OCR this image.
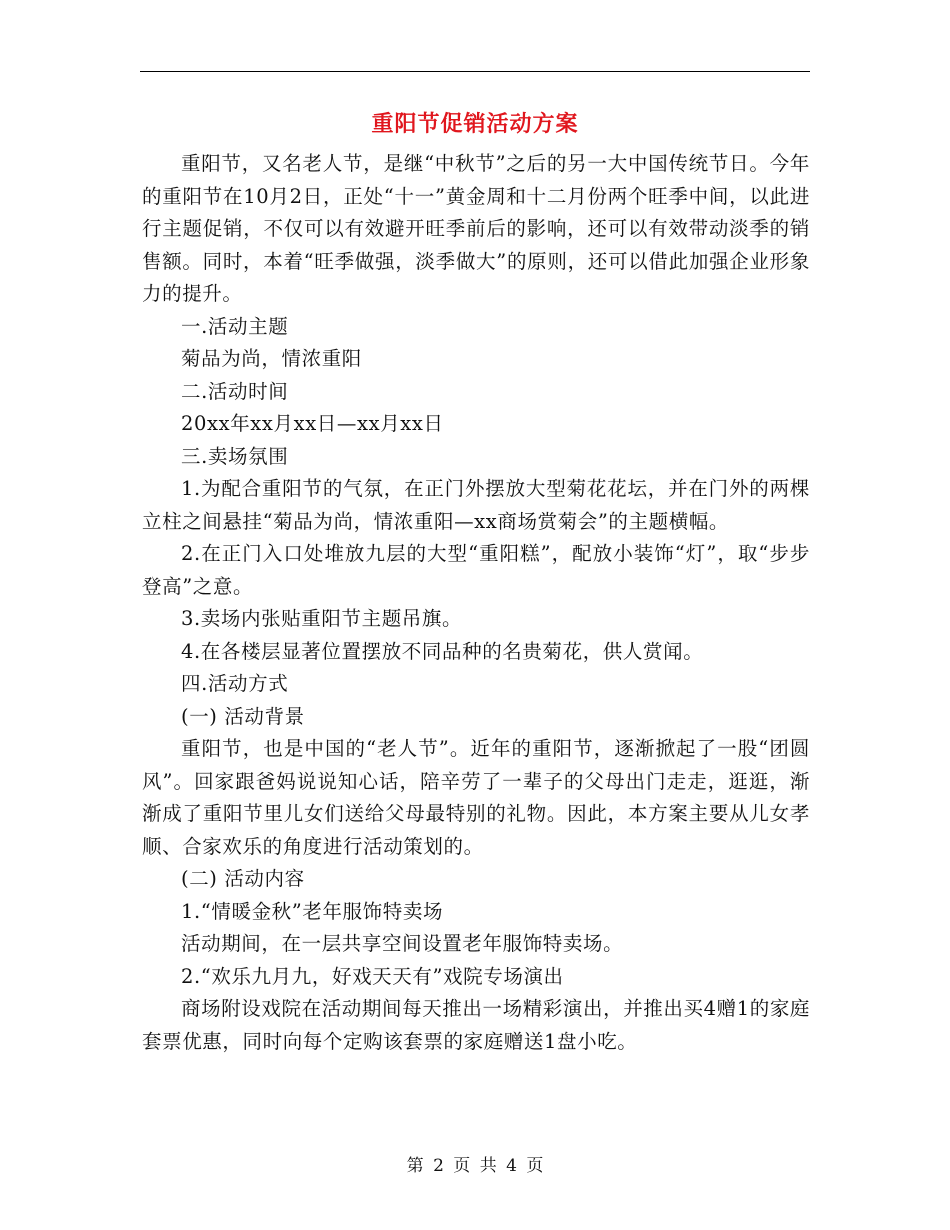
重阳节促销活动方案

重阳节，又名老人节，是继“中秋节”之后的另一大中国传统节日。今年的重阳节在10月2日，正处“十一”黄金周和十二月份两个旺季中间，以此进行主题促销，不仅可以有效避开旺季前后的影响，还可以有效带动淡季的销售额。同时，本着“旺季做强，淡季做大”的原则，还可以借此加强企业形象力的提升。

一.活动主题

菊品为尚，情浓重阳

二.活动时间

20xx年xx月xx日—xx月xx日

三.卖场氛围

1.为配合重阳节的气氛，在正门外摆放大型菊花花坛，并在门外的两棵立柱之间悬挂“菊品为尚，情浓重阳—xx商场赏菊会”的主题横幅。

2.在正门入口处堆放九层的大型“重阳糕”，配放小装饰“灯”，取“步步登高”之意。

3.卖场内张贴重阳节主题吊旗。

4.在各楼层显著位置摆放不同品种的名贵菊花，供人赏闻。

四.活动方式

(一) 活动背景

重阳节，也是中国的“老人节”。近年的重阳节，逐渐掀起了一股“团圆风”。回家跟爸妈说说知心话，陪辛劳了一辈子的父母出门走走，逛逛，渐渐成了重阳节里儿女们送给父母最特别的礼物。因此，本方案主要从儿女孝顺、合家欢乐的角度进行活动策划的。

(二) 活动内容

1.“情暖金秋”老年服饰特卖场

活动期间，在一层共享空间设置老年服饰特卖场。

2.“欢乐九月九，好戏天天有”戏院专场演出

商场附设戏院在活动期间每天推出一场精彩演出，并推出买4赠1的家庭套票优惠，同时向每个定购该套票的家庭赠送1盘小吃。

第 2 页 共 4 页
